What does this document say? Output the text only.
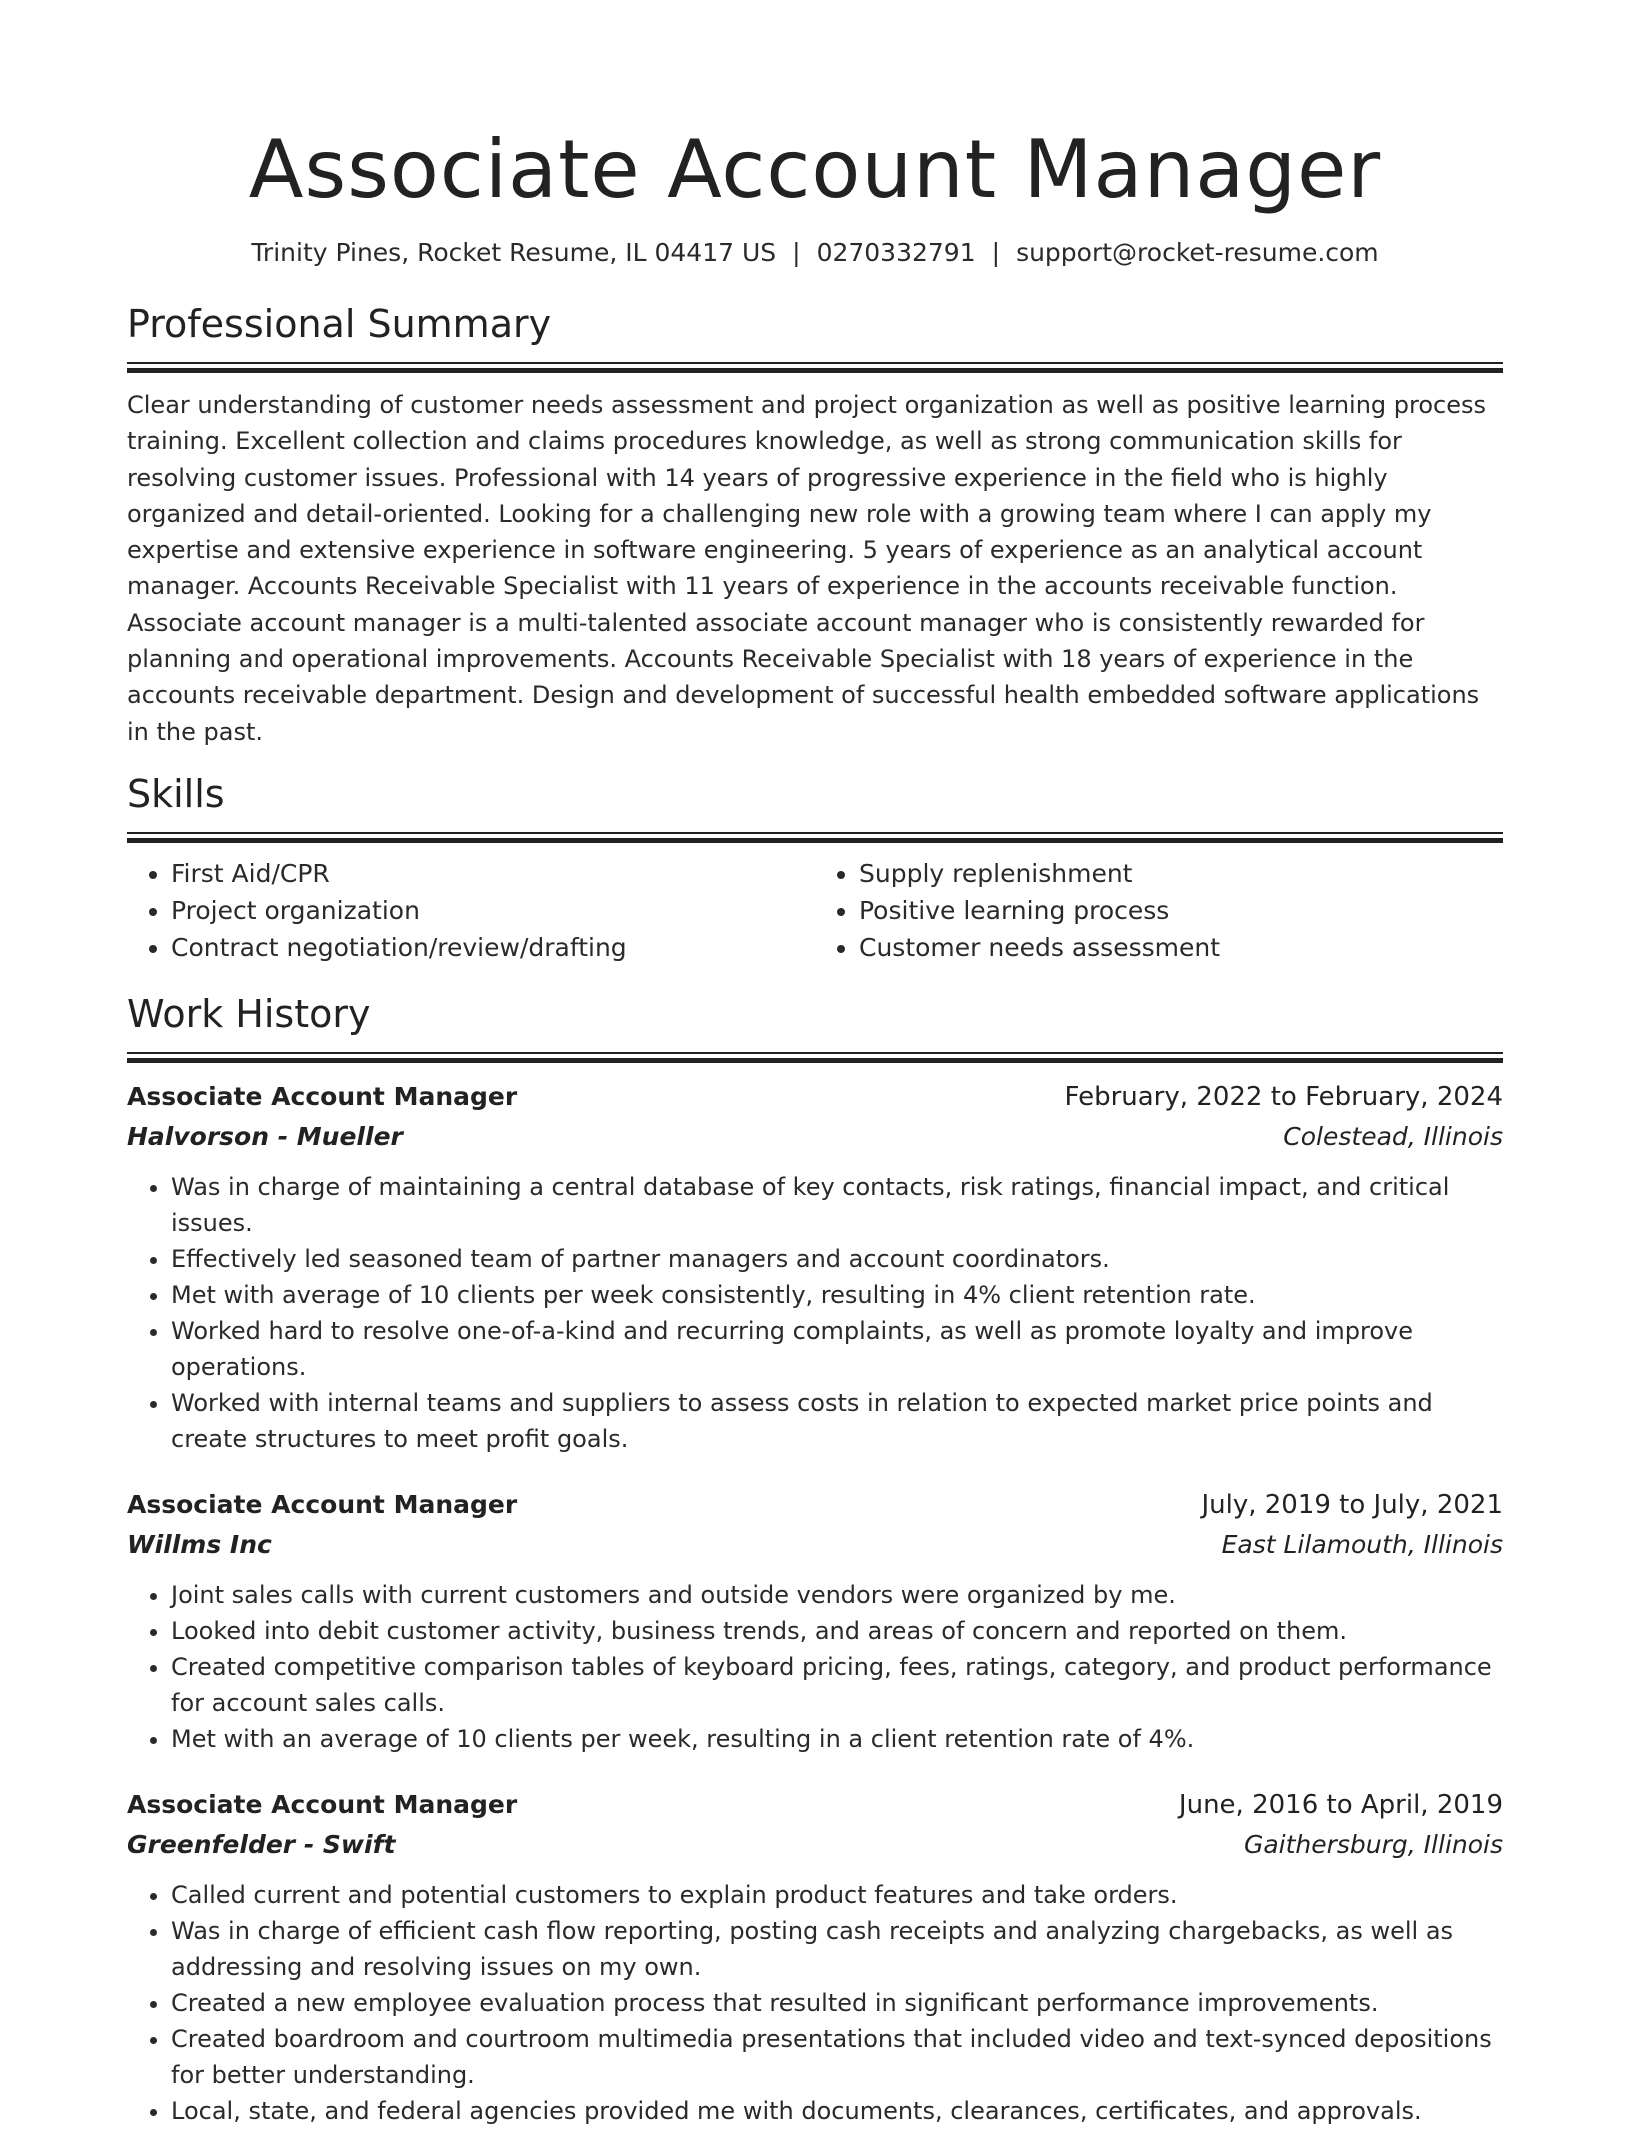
Associate Account Manager
Trinity Pines, Rocket Resume, IL 04417 US | 0270332791 | support@rocket-resume.com
Professional Summary

Clear understanding of customer needs assessment and project organization as well as positive learning process training. Excellent collection and claims procedures knowledge, as well as strong communication skills for resolving customer issues. Professional with 14 years of progressive experience in the field who is highly organized and detail-oriented. Looking for a challenging new role with a growing team where I can apply my expertise and extensive experience in software engineering. 5 years of experience as an analytical account manager. Accounts Receivable Specialist with 11 years of experience in the accounts receivable function. Associate account manager is a multi-talented associate account manager who is consistently rewarded for planning and operational improvements. Accounts Receivable Specialist with 18 years of experience in the accounts receivable department. Design and development of successful health embedded software applications in the past.

Skills
• First Aid/CPR
• Project organization
• Contract negotiation/review/drafting
• Supply replenishment
• Positive learning process
• Customer needs assessment
Work History
Associate Account Manager	February, 2022 to February, 2024
Halvorson - Mueller	Colestead, Illinois
• Was in charge of maintaining a central database of key contacts, risk ratings, financial impact, and critical issues.
• Effectively led seasoned team of partner managers and account coordinators.
• Met with average of 10 clients per week consistently, resulting in 4% client retention rate.
• Worked hard to resolve one-of-a-kind and recurring complaints, as well as promote loyalty and improve operations.
• Worked with internal teams and suppliers to assess costs in relation to expected market price points and create structures to meet profit goals.
Associate Account Manager	July, 2019 to July, 2021
Willms Inc	East Lilamouth, Illinois
• Joint sales calls with current customers and outside vendors were organized by me.
• Looked into debit customer activity, business trends, and areas of concern and reported on them.
• Created competitive comparison tables of keyboard pricing, fees, ratings, category, and product performance for account sales calls.
• Met with an average of 10 clients per week, resulting in a client retention rate of 4%.
Associate Account Manager	June, 2016 to April, 2019
Greenfelder - Swift	Gaithersburg, Illinois
• Called current and potential customers to explain product features and take orders.
• Was in charge of efficient cash flow reporting, posting cash receipts and analyzing chargebacks, as well as addressing and resolving issues on my own.
• Created a new employee evaluation process that resulted in significant performance improvements.
• Created boardroom and courtroom multimedia presentations that included video and text-synced depositions for better understanding.
• Local, state, and federal agencies provided me with documents, clearances, certificates, and approvals.
